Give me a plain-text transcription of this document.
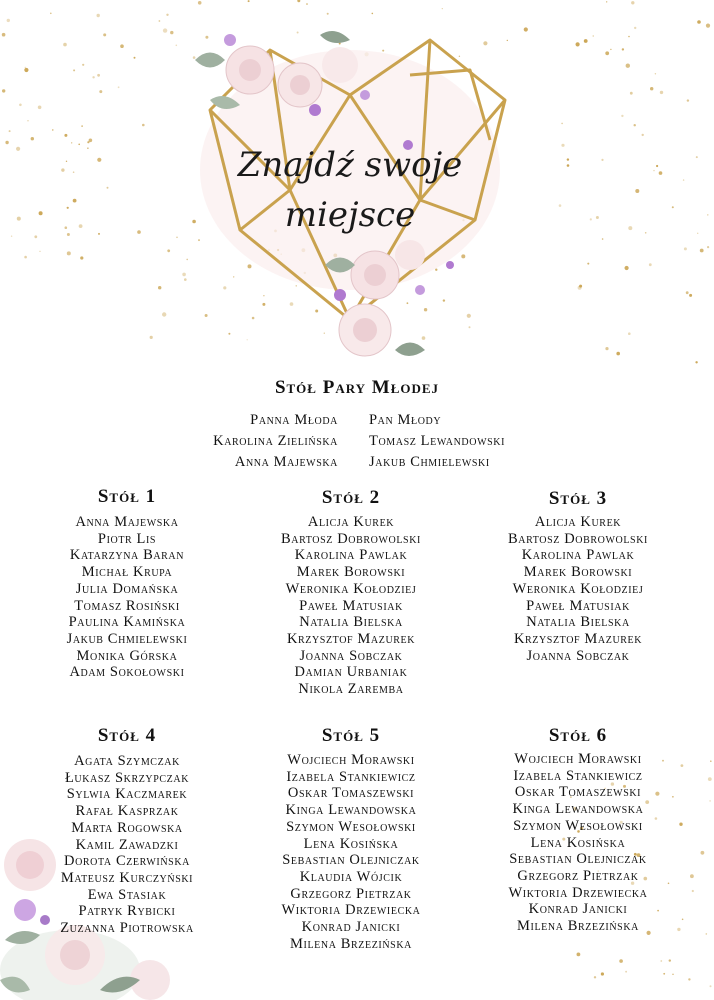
Znajdź swoje
miejsce
Stół Pary Młodej
Panna Młoda
Karolina Zielińska
Anna Majewska
Pan Młody
Tomasz Lewandowski
Jakub Chmielewski
Stół 1
Anna Majewska
Piotr Lis
Katarzyna Baran
Michał Krupa
Julia Domańska
Tomasz Rosiński
Paulina Kamińska
Jakub Chmielewski
Monika Górska
Adam Sokołowski
Stół 2
Alicja Kurek
Bartosz Dobrowolski
Karolina Pawlak
Marek Borowski
Weronika Kołodziej
Paweł Matusiak
Natalia Bielska
Krzysztof Mazurek
Joanna Sobczak
Damian Urbaniak
Nikola Zaremba
Stół 3
Alicja Kurek
Bartosz Dobrowolski
Karolina Pawlak
Marek Borowski
Weronika Kołodziej
Paweł Matusiak
Natalia Bielska
Krzysztof Mazurek
Joanna Sobczak
Stół 4
Agata Szymczak
Łukasz Skrzypczak
Sylwia Kaczmarek
Rafał Kasprzak
Marta Rogowska
Kamil Zawadzki
Dorota Czerwińska
Mateusz Kurczyński
Ewa Stasiak
Patryk Rybicki
Zuzanna Piotrowska
Stół 5
Wojciech Morawski
Izabela Stankiewicz
Oskar Tomaszewski
Kinga Lewandowska
Szymon Wesołowski
Lena Kosińska
Sebastian Olejniczak
Klaudia Wójcik
Grzegorz Pietrzak
Wiktoria Drzewiecka
Konrad Janicki
Milena Brzezińska
Stół 6
Wojciech Morawski
Izabela Stankiewicz
Oskar Tomaszewski
Kinga Lewandowska
Szymon Wesołowski
Lena Kosińska
Sebastian Olejniczak
Grzegorz Pietrzak
Wiktoria Drzewiecka
Konrad Janicki
Milena Brzezińska
